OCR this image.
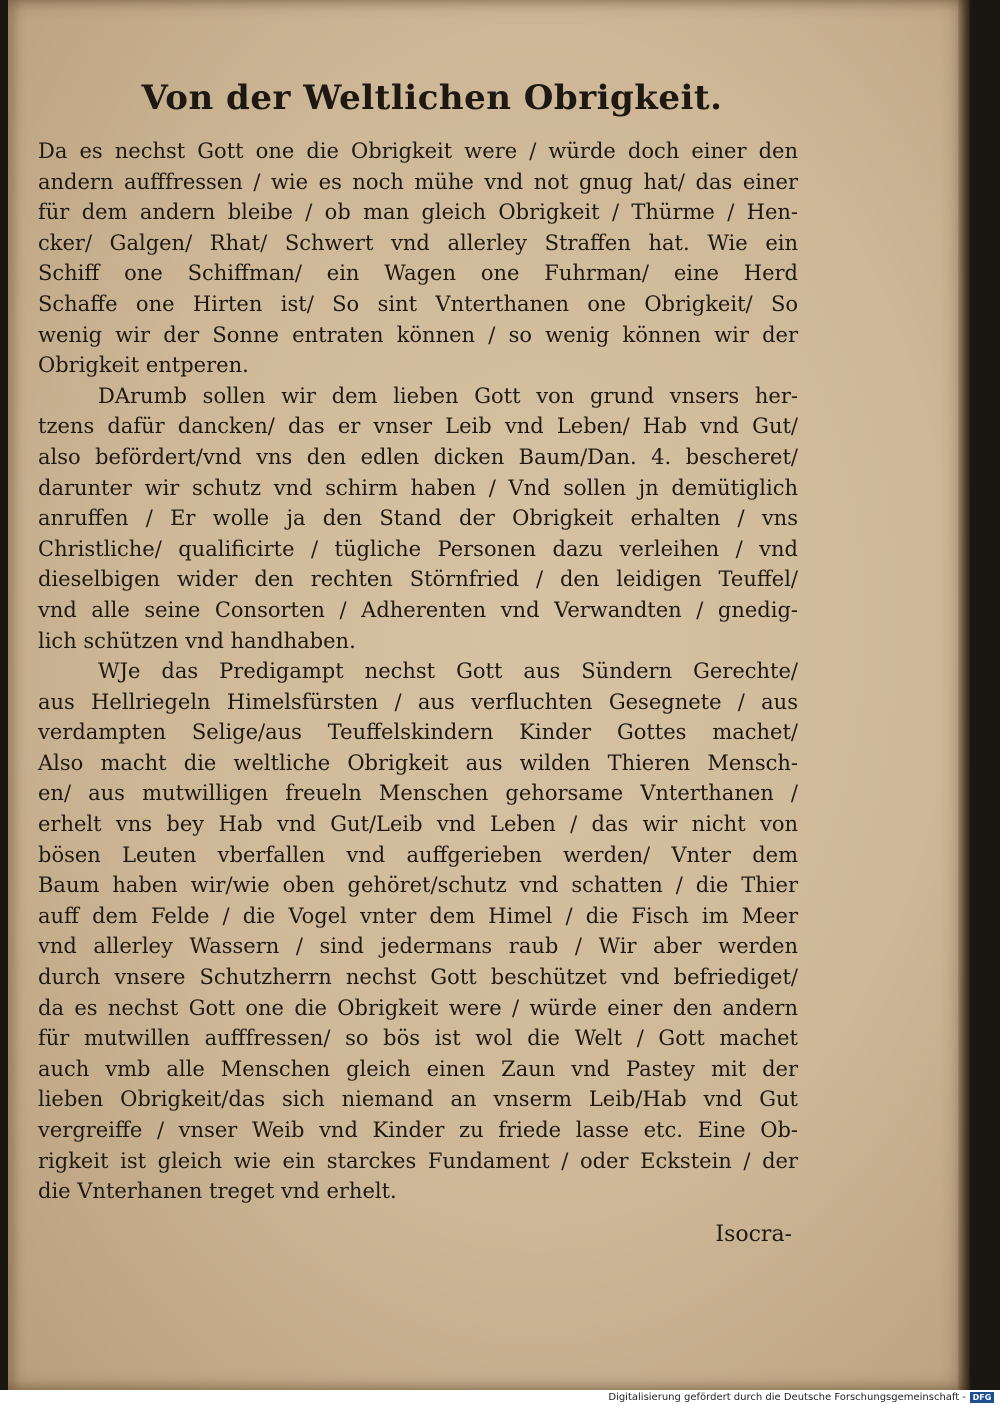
Von der Weltlichen Obrigkeit.
Da es nechst Gott one die Obrigkeit were / würde doch einer den
andern aufffressen / wie es noch mühe vnd not gnug hat/ das einer
für dem andern bleibe / ob man gleich Obrigkeit / Thürme / Hen-
cker/ Galgen/ Rhat/ Schwert vnd allerley Straffen hat. Wie ein
Schiff one Schiffman/ ein Wagen one Fuhrman/ eine Herd
Schaffe one Hirten ist/ So sint Vnterthanen one Obrigkeit/ So
wenig wir der Sonne entraten können / so wenig können wir der
Obrigkeit entperen.
DArumb sollen wir dem lieben Gott von grund vnsers her-
tzens dafür dancken/ das er vnser Leib vnd Leben/ Hab vnd Gut/
also befördert/vnd vns den edlen dicken Baum/Dan. 4. bescheret/
darunter wir schutz vnd schirm haben / Vnd sollen jn demütiglich
anruffen / Er wolle ja den Stand der Obrigkeit erhalten / vns
Christliche/ qualificirte / tügliche Personen dazu verleihen / vnd
dieselbigen wider den rechten Störnfried / den leidigen Teuffel/
vnd alle seine Consorten / Adherenten vnd Verwandten / gnedig-
lich schützen vnd handhaben.
WJe das Predigampt nechst Gott aus Sündern Gerechte/
aus Hellriegeln Himelsfürsten / aus verfluchten Gesegnete / aus
verdampten Selige/aus Teuffelskindern Kinder Gottes machet/
Also macht die weltliche Obrigkeit aus wilden Thieren Mensch-
en/ aus mutwilligen freueln Menschen gehorsame Vnterthanen /
erhelt vns bey Hab vnd Gut/Leib vnd Leben / das wir nicht von
bösen Leuten vberfallen vnd auffgerieben werden/ Vnter dem
Baum haben wir/wie oben gehöret/schutz vnd schatten / die Thier
auff dem Felde / die Vogel vnter dem Himel / die Fisch im Meer
vnd allerley Wassern / sind jedermans raub / Wir aber werden
durch vnsere Schutzherrn nechst Gott beschützet vnd befriediget/
da es nechst Gott one die Obrigkeit were / würde einer den andern
für mutwillen aufffressen/ so bös ist wol die Welt / Gott machet
auch vmb alle Menschen gleich einen Zaun vnd Pastey mit der
lieben Obrigkeit/das sich niemand an vnserm Leib/Hab vnd Gut
vergreiffe / vnser Weib vnd Kinder zu friede lasse etc. Eine Ob-
rigkeit ist gleich wie ein starckes Fundament / oder Eckstein / der
die Vnterhanen treget vnd erhelt.
Isocra-
Digitalisierung gefördert durch die Deutsche Forschungsgemeinschaft - DFG
